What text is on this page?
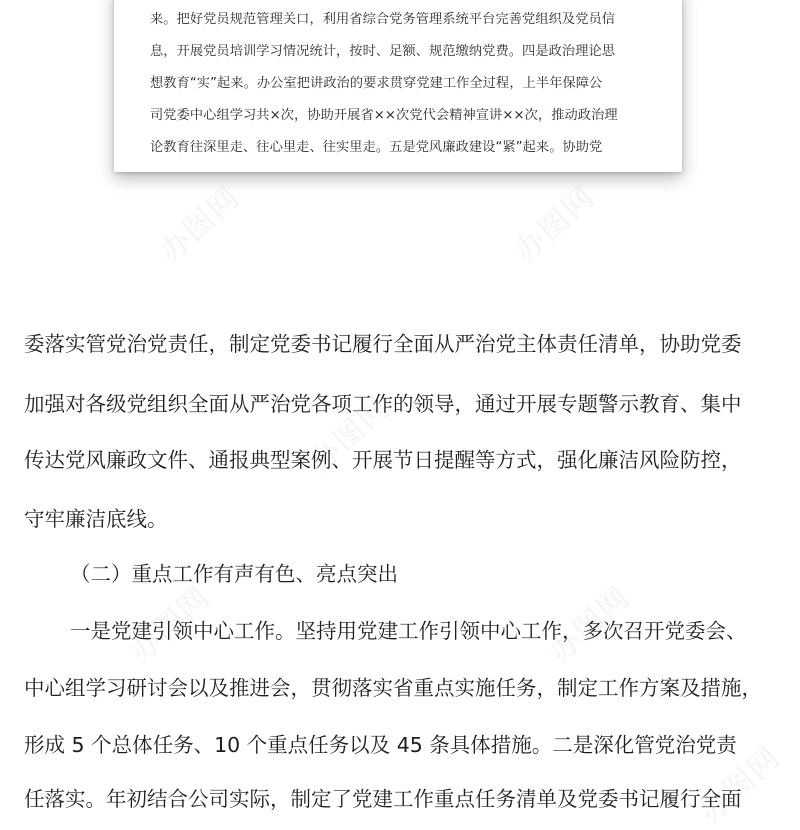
来。把好党员规范管理关口，利用省综合党务管理系统平台完善党组织及党员信
息，开展党员培训学习情况统计，按时、足额、规范缴纳党费。四是政治理论思
想教育“实”起来。办公室把讲政治的要求贯穿党建工作全过程，上半年保障公
司党委中心组学习共×次，协助开展省××次党代会精神宣讲××次，推动政治理
论教育往深里走、往心里走、往实里走。五是党风廉政建设“紧”起来。协助党
办图网	办图网
办图网
办图网
办图网
办图网
委落实管党治党责任，制定党委书记履行全面从严治党主体责任清单，协助党委
加强对各级党组织全面从严治党各项工作的领导，通过开展专题警示教育、集中
传达党风廉政文件、通报典型案例、开展节日提醒等方式，强化廉洁风险防控，
守牢廉洁底线。
（二）重点工作有声有色、亮点突出
一是党建引领中心工作。坚持用党建工作引领中心工作，多次召开党委会、
中心组学习研讨会以及推进会，贯彻落实省重点实施任务，制定工作方案及措施，
形成 5 个总体任务、10 个重点任务以及 45 条具体措施。二是深化管党治党责
任落实。年初结合公司实际，制定了党建工作重点任务清单及党委书记履行全面
